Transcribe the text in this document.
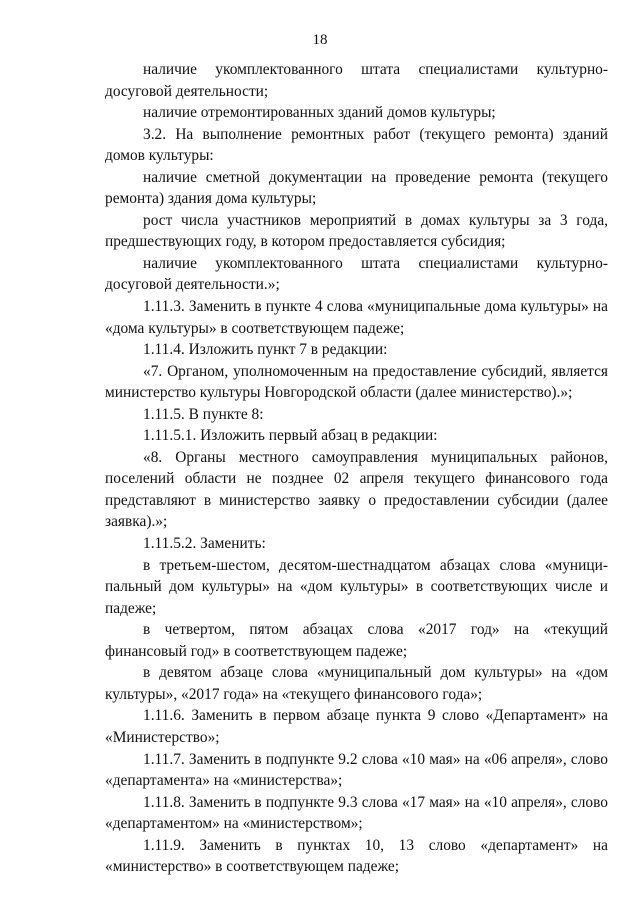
18

наличие укомплектованного штата специалистами культурно-досуговой деятельности;

наличие отремонтированных зданий домов культуры;

3.2. На выполнение ремонтных работ (текущего ремонта) зданий домов культуры:

наличие сметной документации на проведение ремонта (текущего ремонта) здания дома культуры;

рост числа участников мероприятий в домах культуры за 3 года, предшествующих году, в котором предоставляется субсидия;

наличие укомплектованного штата специалистами культурно-досуговой деятельности.»;

1.11.3. Заменить в пункте 4 слова «муниципальные дома культуры» на «дома культуры» в соответствующем падеже;

1.11.4. Изложить пункт 7 в редакции:

«7. Органом, уполномоченным на предоставление субсидий, является министерство культуры Новгородской области (далее министерство).»;

1.11.5. В пункте 8:

1.11.5.1. Изложить первый абзац в редакции:

«8. Органы местного самоуправления муниципальных районов, поселений области не позднее 02 апреля текущего финансового года представляют в министерство заявку о предоставлении субсидии (далее заявка).»;

1.11.5.2. Заменить:

в третьем-шестом, десятом-шестнадцатом абзацах слова «муници-пальный дом культуры» на «дом культуры» в соответствующих числе и падеже;

в четвертом, пятом абзацах слова «2017 год» на «текущий финансовый год» в соответствующем падеже;

в девятом абзаце слова «муниципальный дом культуры» на «дом культуры», «2017 года» на «текущего финансового года»;

1.11.6. Заменить в первом абзаце пункта 9 слово «Департамент» на «Министерство»;

1.11.7. Заменить в подпункте 9.2 слова «10 мая» на «06 апреля», слово «департамента» на «министерства»;

1.11.8. Заменить в подпункте 9.3 слова «17 мая» на «10 апреля», слово «департаментом» на «министерством»;

1.11.9. Заменить в пунктах 10, 13 слово «департамент» на «министерство» в соответствующем падеже;
